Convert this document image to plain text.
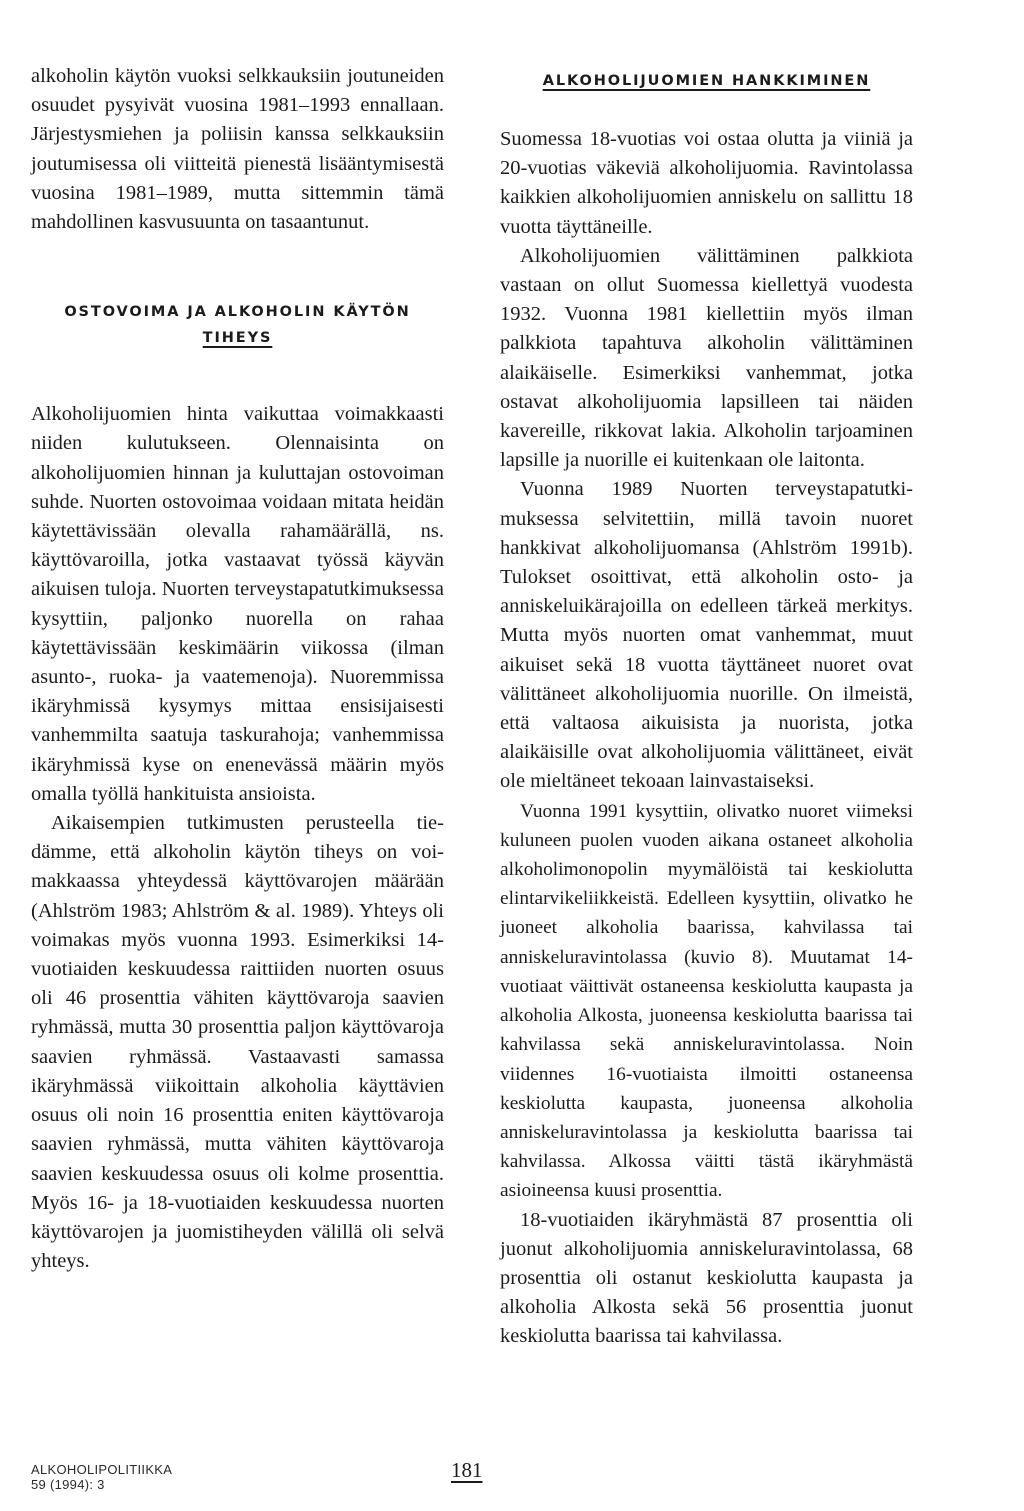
alkoholin käytön vuoksi selkkauksiin joutuneiden osuudet pysyivät vuosina 1981–1993 ennallaan. Järjestysmiehen ja poliisin kanssa selkkauksiin joutumisessa oli viitteitä pienestä lisääntymisestä vuosina 1981–1989, mutta sittemmin tämä mahdollinen kasvusuunta on tasaantunut.

OSTOVOIMA JA ALKOHOLIN KÄYTÖN
TIHEYS

Alkoholijuomien hinta vaikuttaa voimakkaasti niiden kulutukseen. Olennaisinta on alkoholijuomien hinnan ja kuluttajan ostovoiman suhde. Nuorten ostovoimaa voidaan mitata heidän käytettävissään olevalla rahamäärällä, ns. käyttövaroilla, jotka vastaavat työssä käyvän aikuisen tuloja. Nuorten terveystapatutkimuksessa kysyttiin, paljonko nuorella on rahaa käytettävissään keskimäärin viikossa (ilman asunto-, ruoka- ja vaatemenoja). Nuoremmissa ikäryhmissä kysymys mittaa ensisijaisesti vanhemmilta saatuja taskurahoja; vanhemmissa ikäryhmissä kyse on enenevässä määrin myös omalla työllä hankituista ansioista.

Aikaisempien tutkimusten perusteella tiedämme, että alkoholin käytön tiheys on voimakkaassa yhteydessä käyttövarojen määrään (Ahlström 1983; Ahlström & al. 1989). Yhteys oli voimakas myös vuonna 1993. Esimerkiksi 14-vuotiaiden keskuudessa raittiiden nuorten osuus oli 46 prosenttia vähiten käyttövaroja saavien ryhmässä, mutta 30 prosenttia paljon käyttövaroja saavien ryhmässä. Vastaavasti samassa ikäryhmässä viikoittain alkoholia käyttävien osuus oli noin 16 prosenttia eniten käyttövaroja saavien ryhmässä, mutta vähiten käyttövaroja saavien keskuudessa osuus oli kolme prosenttia. Myös 16- ja 18-vuotiaiden keskuudessa nuorten käyttövarojen ja juomistiheyden välillä oli selvä yhteys.

ALKOHOLIJUOMIEN HANKKIMINEN

Suomessa 18-vuotias voi ostaa olutta ja viiniä ja 20-vuotias väkeviä alkoholijuomia. Ravintolassa kaikkien alkoholijuomien anniskelu on sallittu 18 vuotta täyttäneille.

Alkoholijuomien välittäminen palkkiota vastaan on ollut Suomessa kiellettyä vuodesta 1932. Vuonna 1981 kiellettiin myös ilman palkkiota tapahtuva alkoholin välittäminen alaikäiselle. Esimerkiksi vanhemmat, jotka ostavat alkoholijuomia lapsilleen tai näiden kavereille, rikkovat lakia. Alkoholin tarjoaminen lapsille ja nuorille ei kuitenkaan ole laitonta.

Vuonna 1989 Nuorten terveystapatutkimuksessa selvitettiin, millä tavoin nuoret hankkivat alkoholijuomansa (Ahlström 1991b). Tulokset osoittivat, että alkoholin osto- ja anniskeluikärajoilla on edelleen tärkeä merkitys. Mutta myös nuorten omat vanhemmat, muut aikuiset sekä 18 vuotta täyttäneet nuoret ovat välittäneet alkoholijuomia nuorille. On ilmeistä, että valtaosa aikuisista ja nuorista, jotka alaikäisille ovat alkoholijuomia välittäneet, eivät ole mieltäneet tekoaan lainvastaiseksi.

Vuonna 1991 kysyttiin, olivatko nuoret viimeksi kuluneen puolen vuoden aikana ostaneet alkoholia alkoholimonopolin myymälöistä tai keskiolutta elintarvikeliikkeistä. Edelleen kysyttiin, olivatko he juoneet alkoholia baarissa, kahvilassa tai anniskeluravintolassa (kuvio 8). Muutamat 14-vuotiaat väittivät ostaneensa keskiolutta kaupasta ja alkoholia Alkosta, juoneensa keskiolutta baarissa tai kahvilassa sekä anniskeluravintolassa. Noin viidennes 16-vuotiaista ilmoitti ostaneensa keskiolutta kaupasta, juoneensa alkoholia anniskeluravintolassa ja keskiolutta baarissa tai kahvilassa. Alkossa väitti tästä ikäryhmästä asioineensa kuusi prosenttia.

18-vuotiaiden ikäryhmästä 87 prosenttia oli juonut alkoholijuomia anniskeluravintolassa, 68 prosenttia oli ostanut keskiolutta kaupasta ja alkoholia Alkosta sekä 56 prosenttia juonut keskiolutta baarissa tai kahvilassa.

ALKOHOLIPOLITIIKKA
59 (1994): 3
181
